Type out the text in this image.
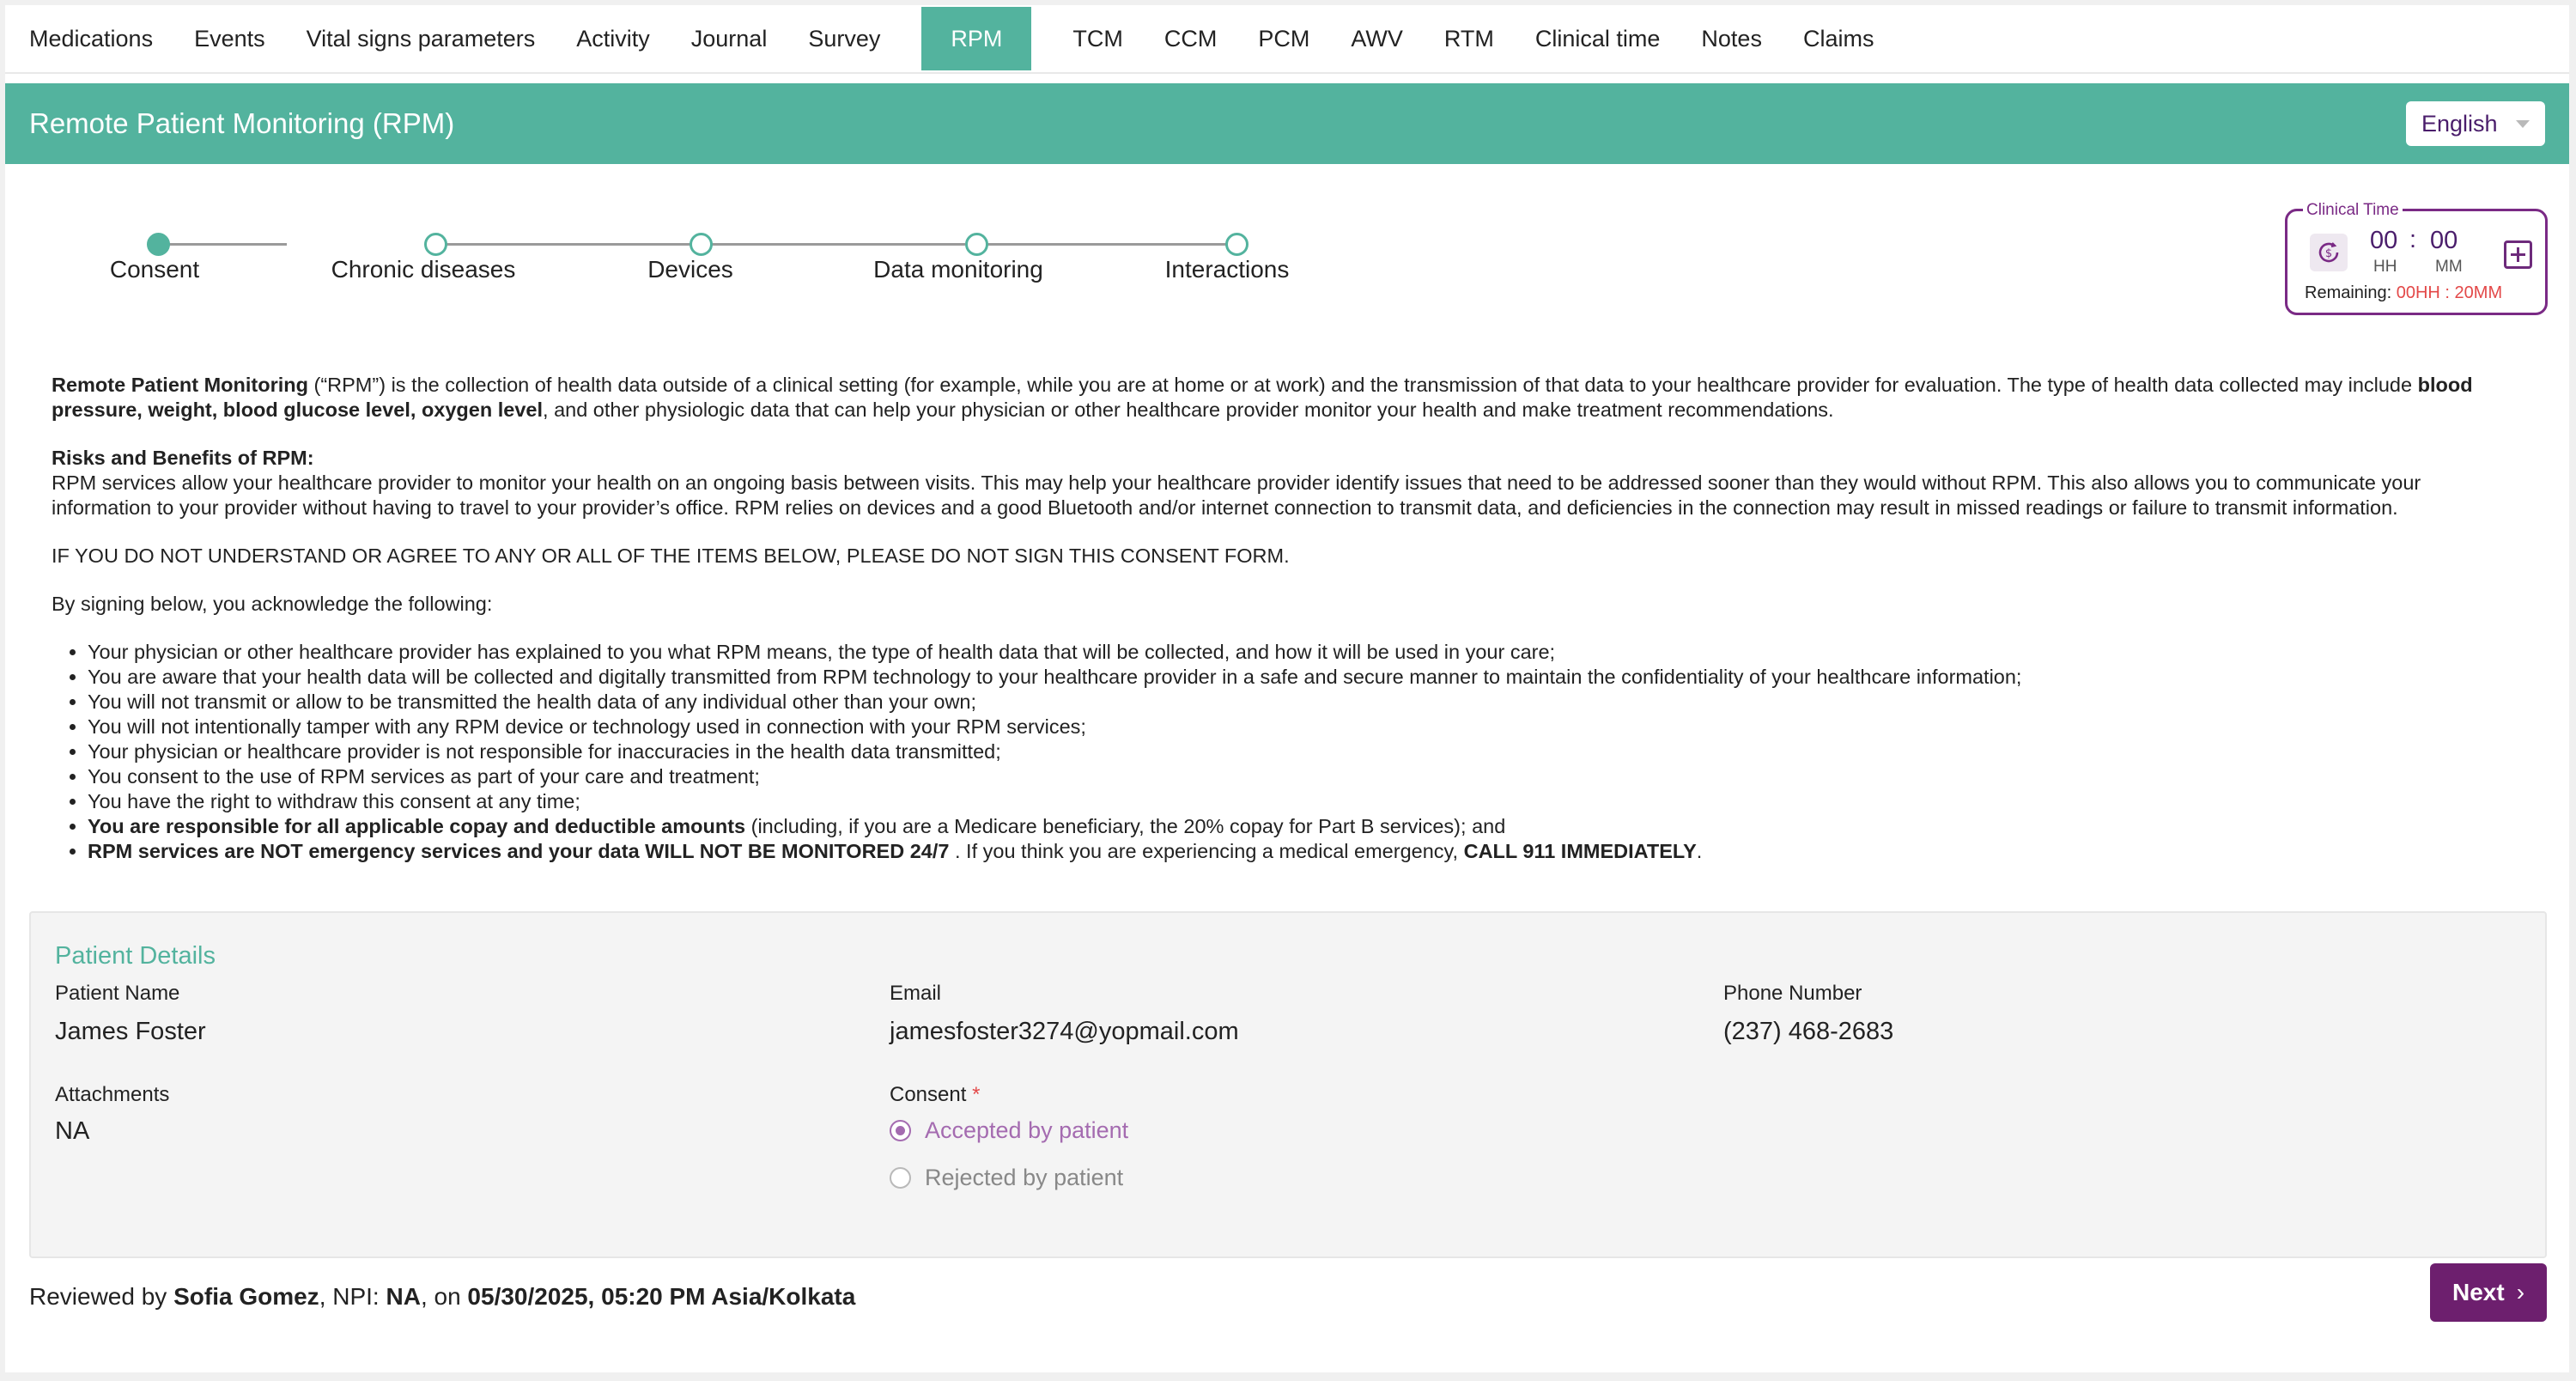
Medications	Events	Vital signs parameters	Activity	Journal	Survey	RPM	TCM	CCM	PCM	AWV	RTM	Clinical time	Notes	Claims
Remote Patient Monitoring (RPM)	English
Consent	Chronic diseases	Devices	Data monitoring	Interactions
Clinical Time
$ 00 : 00
HH MM
Remaining: 00HH : 20MM

Remote Patient Monitoring (“RPM”) is the collection of health data outside of a clinical setting (for example, while you are at home or at work) and the transmission of that data to your healthcare provider for evaluation. The type of health data collected may include blood pressure, weight, blood glucose level, oxygen level, and other physiologic data that can help your physician or other healthcare provider monitor your health and make treatment recommendations.

Risks and Benefits of RPM:
RPM services allow your healthcare provider to monitor your health on an ongoing basis between visits. This may help your healthcare provider identify issues that need to be addressed sooner than they would without RPM. This also allows you to communicate your information to your provider without having to travel to your provider’s office. RPM relies on devices and a good Bluetooth and/or internet connection to transmit data, and deficiencies in the connection may result in missed readings or failure to transmit information.

IF YOU DO NOT UNDERSTAND OR AGREE TO ANY OR ALL OF THE ITEMS BELOW, PLEASE DO NOT SIGN THIS CONSENT FORM.

By signing below, you acknowledge the following:

• Your physician or other healthcare provider has explained to you what RPM means, the type of health data that will be collected, and how it will be used in your care;
• You are aware that your health data will be collected and digitally transmitted from RPM technology to your healthcare provider in a safe and secure manner to maintain the confidentiality of your healthcare information;
• You will not transmit or allow to be transmitted the health data of any individual other than your own;
• You will not intentionally tamper with any RPM device or technology used in connection with your RPM services;
• Your physician or healthcare provider is not responsible for inaccuracies in the health data transmitted;
• You consent to the use of RPM services as part of your care and treatment;
• You have the right to withdraw this consent at any time;
• You are responsible for all applicable copay and deductible amounts (including, if you are a Medicare beneficiary, the 20% copay for Part B services); and
• RPM services are NOT emergency services and your data WILL NOT BE MONITORED 24/7 . If you think you are experiencing a medical emergency, CALL 911 IMMEDIATELY.
Patient Details
Patient Name
James Foster
Email
jamesfoster3274@yopmail.com
Phone Number
(237) 468-2683
Attachments
NA
Consent *
Accepted by patient
Rejected by patient
Reviewed by Sofia Gomez, NPI: NA, on 05/30/2025, 05:20 PM Asia/Kolkata	Next ›
